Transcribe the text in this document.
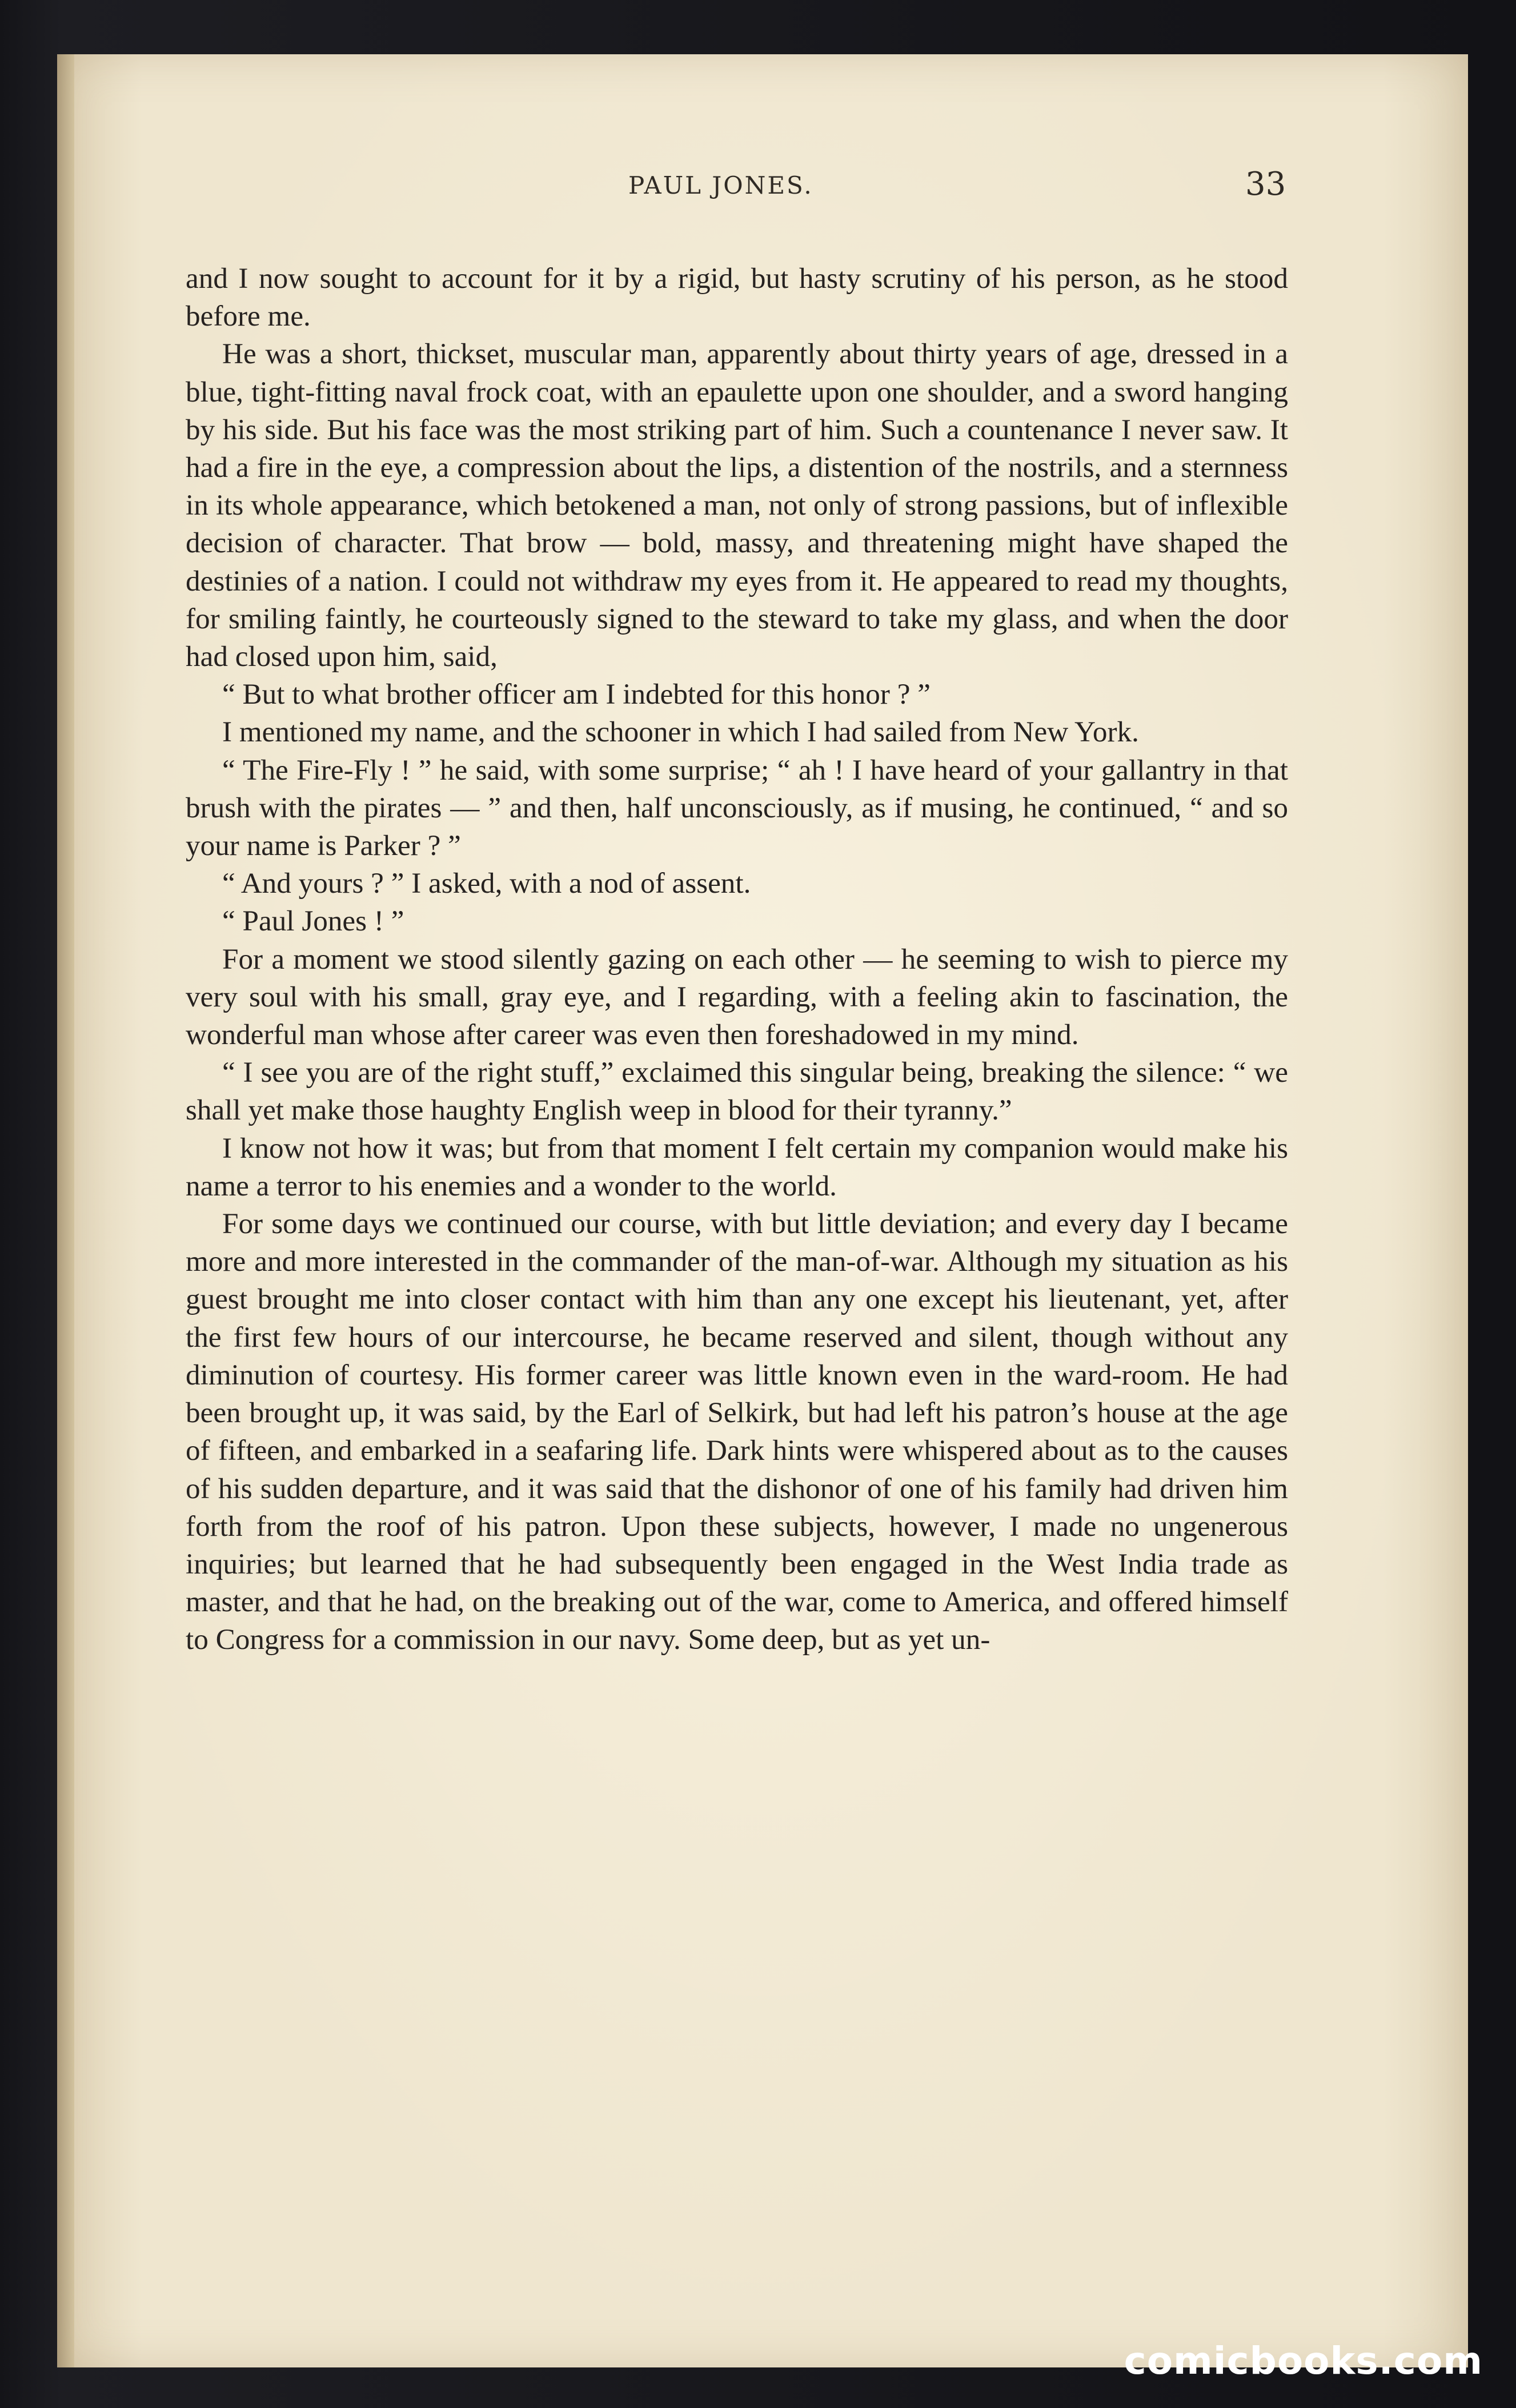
PAUL JONES.	33

and I now sought to account for it by a rigid, but hasty scrutiny of his person, as he stood before me.

He was a short, thickset, muscular man, apparently about thirty years of age, dressed in a blue, tight-fitting naval frock coat, with an epaulette upon one shoulder, and a sword hanging by his side. But his face was the most striking part of him. Such a countenance I never saw. It had a fire in the eye, a compression about the lips, a distention of the nostrils, and a sternness in its whole appearance, which betokened a man, not only of strong passions, but of inflexible decision of character. That brow — bold, massy, and threatening might have shaped the destinies of a nation. I could not withdraw my eyes from it. He appeared to read my thoughts, for smiling faintly, he courteously signed to the steward to take my glass, and when the door had closed upon him, said,

“ But to what brother officer am I indebted for this honor ? ”

I mentioned my name, and the schooner in which I had sailed from New York.

“ The Fire-Fly ! ” he said, with some surprise; “ ah ! I have heard of your gallantry in that brush with the pirates — ” and then, half unconsciously, as if musing, he continued, “ and so your name is Parker ? ”

“ And yours ? ” I asked, with a nod of assent.

“ Paul Jones ! ”

For a moment we stood silently gazing on each other — he seeming to wish to pierce my very soul with his small, gray eye, and I regarding, with a feeling akin to fascination, the wonderful man whose after career was even then foreshadowed in my mind.

“ I see you are of the right stuff,” exclaimed this singular being, breaking the silence: “ we shall yet make those haughty English weep in blood for their tyranny.”

I know not how it was; but from that moment I felt certain my companion would make his name a terror to his enemies and a wonder to the world.

For some days we continued our course, with but little deviation; and every day I became more and more interested in the commander of the man-of-war. Although my situation as his guest brought me into closer contact with him than any one except his lieutenant, yet, after the first few hours of our intercourse, he became reserved and silent, though without any diminution of courtesy. His former career was little known even in the ward-room. He had been brought up, it was said, by the Earl of Selkirk, but had left his patron’s house at the age of fifteen, and embarked in a seafaring life. Dark hints were whispered about as to the causes of his sudden departure, and it was said that the dishonor of one of his family had driven him forth from the roof of his patron. Upon these subjects, however, I made no ungenerous inquiries; but learned that he had subsequently been engaged in the West India trade as master, and that he had, on the breaking out of the war, come to America, and offered himself to Congress for a commission in our navy. Some deep, but as yet un-

comicbooks.com
